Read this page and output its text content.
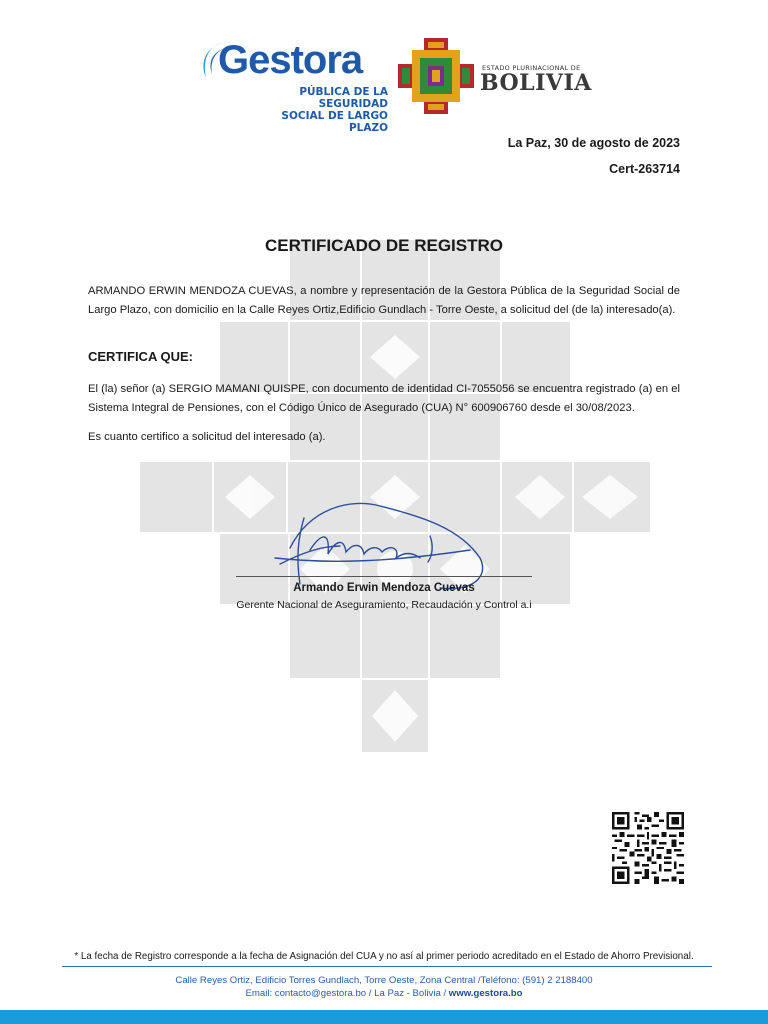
Gestora
PÚBLICA DE LA SEGURIDAD
SOCIAL DE LARGO PLAZO
ESTADO PLURINACIONAL DE
BOLIVIA
La Paz, 30 de agosto de 2023
Cert-263714
CERTIFICADO DE REGISTRO
ARMANDO ERWIN MENDOZA CUEVAS, a nombre y representación de la Gestora Pública de la Seguridad Social de Largo Plazo, con domicilio en la Calle Reyes Ortiz,Edificio Gundlach - Torre Oeste, a solicitud del (de la) interesado(a).
CERTIFICA QUE:
El (la) señor (a) SERGIO MAMANI QUISPE, con documento de identidad CI-7055056 se encuentra registrado (a) en el Sistema Integral de Pensiones, con el Código Único de Asegurado (CUA) N° 600906760 desde el 30/08/2023.
Es cuanto certifico a solicitud del interesado (a).
Armando Erwin Mendoza Cuevas
Gerente Nacional de Aseguramiento, Recaudación y Control a.i
* La fecha de Registro corresponde a la fecha de Asignación del CUA y no así al primer periodo acreditado en el Estado de Ahorro Previsional.
Calle Reyes Ortiz, Edificio Torres Gundlach, Torre Oeste, Zona Central /Teléfono: (591) 2 2188400
Email: contacto@gestora.bo / La Paz - Bolivia / www.gestora.bo
